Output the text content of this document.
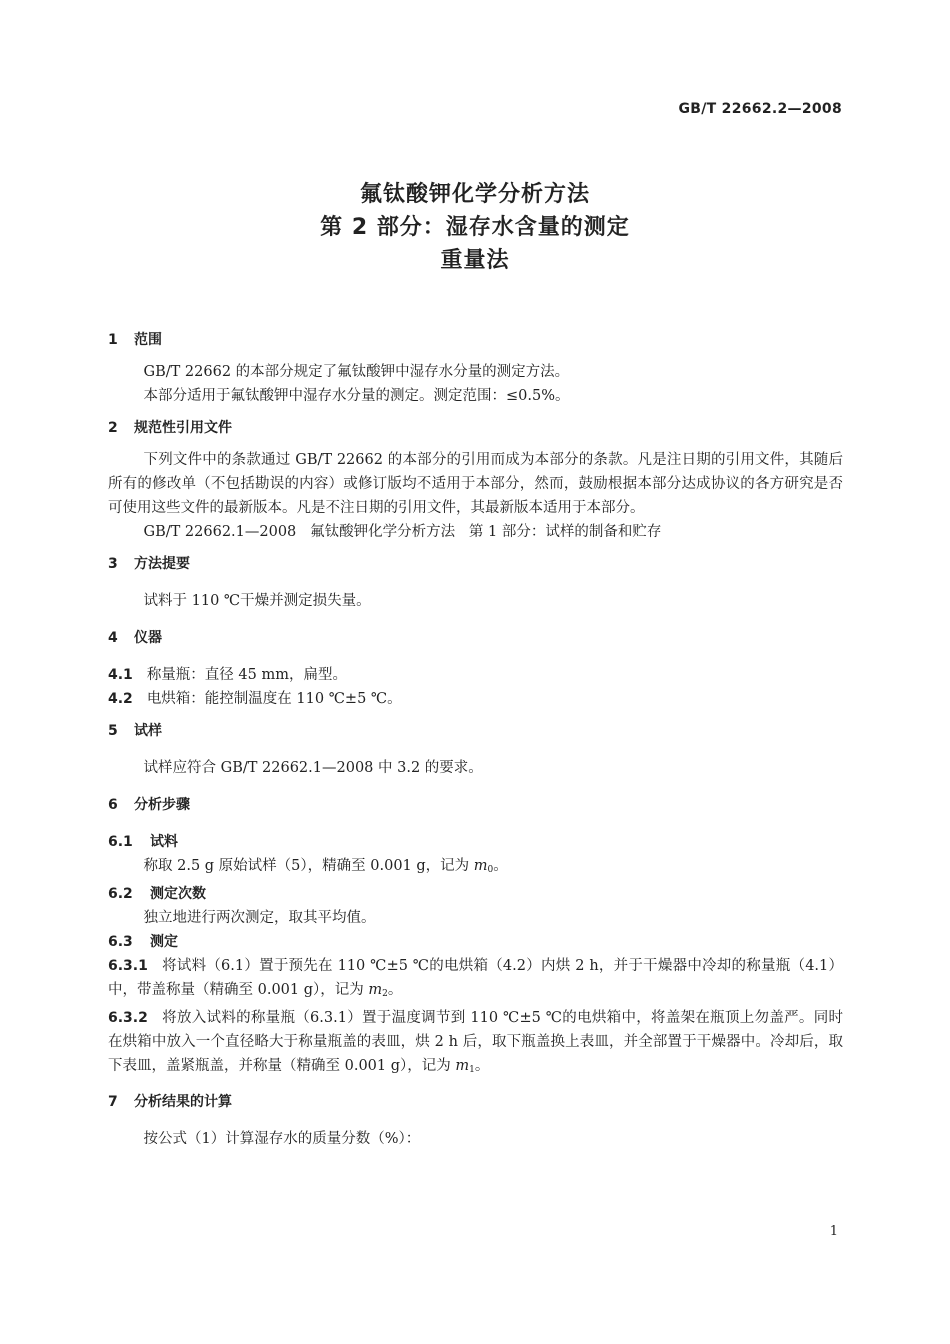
GB/T 22662.2—2008
氟钛酸钾化学分析方法
第 2 部分：湿存水含量的测定
重量法
1 范围
GB/T 22662 的本部分规定了氟钛酸钾中湿存水分量的测定方法。
本部分适用于氟钛酸钾中湿存水分量的测定。测定范围：≤0.5%。
2 规范性引用文件
下列文件中的条款通过 GB/T 22662 的本部分的引用而成为本部分的条款。凡是注日期的引用文件，其随后所有的修改单（不包括勘误的内容）或修订版均不适用于本部分，然而，鼓励根据本部分达成协议的各方研究是否可使用这些文件的最新版本。凡是不注日期的引用文件，其最新版本适用于本部分。
GB/T 22662.1—2008   氟钛酸钾化学分析方法   第 1 部分：试样的制备和贮存
3 方法提要
试料于 110 ℃干燥并测定损失量。
4 仪器
4.1 称量瓶：直径 45 mm，扁型。
4.2 电烘箱：能控制温度在 110 ℃±5 ℃。
5 试样
试样应符合 GB/T 22662.1—2008 中 3.2 的要求。
6 分析步骤
6.1 试料
称取 2.5 g 原始试样（5），精确至 0.001 g，记为 $m_0$。
6.2 测定次数
独立地进行两次测定，取其平均值。
6.3 测定
6.3.1 将试料（6.1）置于预先在 110 ℃±5 ℃的电烘箱（4.2）内烘 2 h，并于干燥器中冷却的称量瓶（4.1）中，带盖称量（精确至 0.001 g），记为 $m_2$。
6.3.2 将放入试料的称量瓶（6.3.1）置于温度调节到 110 ℃±5 ℃的电烘箱中，将盖架在瓶顶上勿盖严。同时在烘箱中放入一个直径略大于称量瓶盖的表皿，烘 2 h 后，取下瓶盖换上表皿，并全部置于干燥器中。冷却后，取下表皿，盖紧瓶盖，并称量（精确至 0.001 g），记为 $m_1$。
7 分析结果的计算
按公式（1）计算湿存水的质量分数（%）：
1
